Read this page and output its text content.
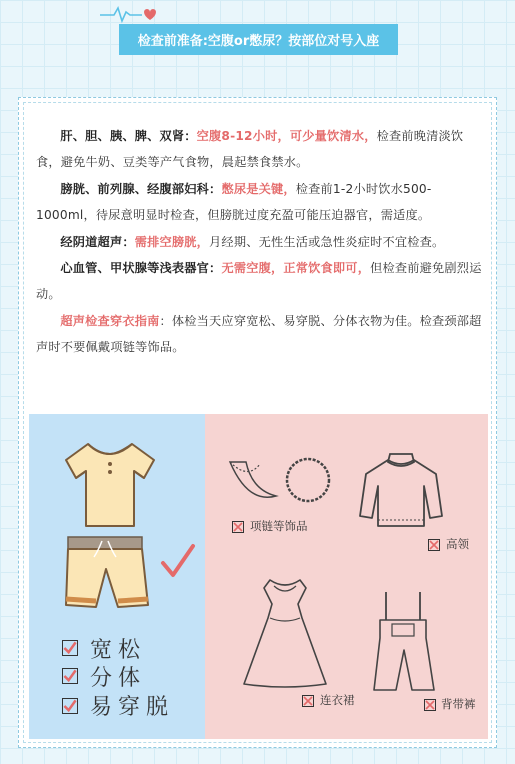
检查前准备:空腹or憋尿？按部位对号入座

肝、胆、胰、脾、双肾：空腹8-12小时，可少量饮清水，检查前晚清淡饮食，避免牛奶、豆类等产气食物，晨起禁食禁水。

膀胱、前列腺、经腹部妇科：憋尿是关键，检查前1-2小时饮水500-1000ml，待尿意明显时检查，但膀胱过度充盈可能压迫器官，需适度。

经阴道超声：需排空膀胱，月经期、无性生活或急性炎症时不宜检查。

心血管、甲状腺等浅表器官：无需空腹，正常饮食即可，但检查前避免剧烈运动。

超声检查穿衣指南：体检当天应穿宽松、易穿脱、分体衣物为佳。检查颈部超声时不要佩戴项链等饰品。

宽松
分体
易穿脱
项链等饰品
高领
连衣裙	背带裤
